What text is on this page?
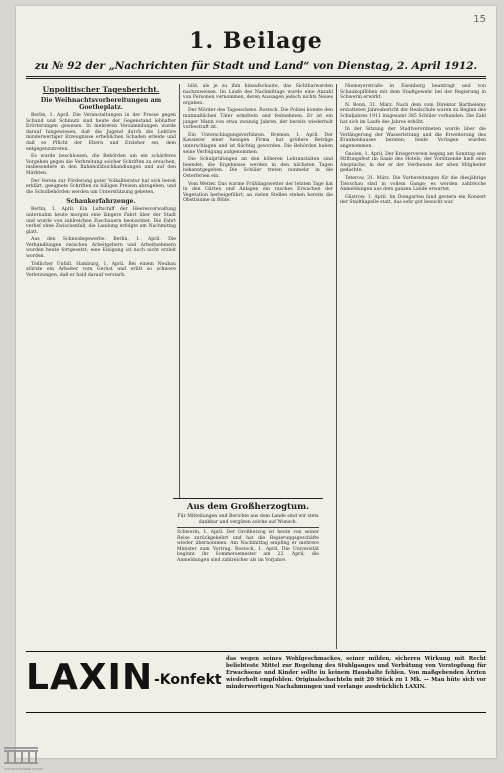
15
1. Beilage
zu № 92 der „Nachrichten für Stadt und Land“ von Dienstag, 2. April 1912.
Unpolitischer Tagesbericht.
Die Weihnachtsvorbereitungen am Goetheplatz.

Berlin, 1. April. Die Veranstaltungen in der Presse gegen Schund und Schmutz sind heute der Gegenstand lebhafter Erörterungen gewesen. In mehreren Versammlungen wurde darauf hingewiesen, daß die Jugend durch die Lektüre minderwertiger Erzeugnisse erheblichen Schaden erleide und daß es Pflicht der Eltern und Erzieher sei, dem entgegenzutreten.

Es wurde beschlossen, die Behörden um ein schärferes Vorgehen gegen die Verbreitung solcher Schriften zu ersuchen, insbesondere in den Bahnhofsbuchhandlungen und auf den Märkten.

Der Verein zur Förderung guter Volksliteratur hat sich bereit erklärt, geeignete Schriften zu billigen Preisen abzugeben, und die Schulbehörden werden um Unterstützung gebeten.

Schaukerfahrzeuge.

Berlin, 1. April. Ein Luftschiff der Heeresverwaltung unternahm heute morgen eine längere Fahrt über der Stadt und wurde von zahlreichen Zuschauern beobachtet. Die Fahrt verlief ohne Zwischenfall, die Landung erfolgte am Nachmittag glatt.

Aus den Schneidegewerbe. Berlin, 1. April. Die Verhandlungen zwischen Arbeitgebern und Arbeitnehmern wurden heute fortgesetzt; eine Einigung ist noch nicht erzielt worden.

Tödlicher Unfall. Hamburg, 1. April. Bei einem Neubau stürzte ein Arbeiter vom Gerüst und erlitt so schwere Verletzungen, daß er bald darauf verstarb.

bild, als je zu ihm hinaufschaute, das Sichtbarwerden nachzuweisen. Im Laufe des Nachmittags wurde eine Anzahl von Personen vernommen, deren Aussagen jedoch nichts Neues ergaben.

Der Mörder des Tagesschens. Rostock. Die Polizei konnte den mutmaßlichen Täter ermitteln und festnehmen. Er ist ein junger Mann von etwa zwanzig Jahren, der bereits wiederholt vorbestraft ist.

Ein Unterschlagungsverfahren. Bremen, 1. April. Der Kassierer einer hiesigen Firma hat größere Beträge unterschlagen und ist flüchtig geworden. Die Behörden haben seine Verfolgung aufgenommen.

Die Schulprüfungen an den höheren Lehranstalten sind beendet; die Ergebnisse werden in den nächsten Tagen bekanntgegeben. Die Schüler treten nunmehr in die Osterferien ein.

Vom Wetter. Das warme Frühlingswetter der letzten Tage hat in den Gärten und Anlagen ein rasches Erwachen der Vegetation herbeigeführt; an vielen Stellen stehen bereits die Obstbäume in Blüte.

Niemeyerstraße in Eisenburg beantragt und von Schaukopflöhen mit dem Stadtgewehr bei der Regierung in Schwerin erwirkt.

N. Bonn, 31. März. Nach dem vom Direktor Barthelemy erstatteten Jahresbericht der Realschule waren zu Beginn des Schuljahres 1911 insgesamt 385 Schüler vorhanden. Die Zahl hat sich im Laufe des Jahres erhöht.

In der Sitzung der Stadtverordneten wurde über die Verlängerung der Wasserleitung und die Erweiterung des Krankenhauses beraten; beide Vorlagen wurden angenommen.

Gnoien, 1. April. Der Kriegerverein beging am Sonntag sein Stiftungsfest im Saale des Hotels; der Vorsitzende hielt eine Ansprache, in der er der Verdienste der alten Mitglieder gedachte.

Teterow, 31. März. Die Vorbereitungen für die diesjährige Tierschau sind in vollem Gange; es werden zahlreiche Anmeldungen aus dem ganzen Lande erwartet.

Güstrow, 1. April. Im Domgarten fand gestern ein Konzert der Stadtkapelle statt, das sehr gut besucht war.

Aus dem Großherzogtum.
Für Mitteilungen und Berichte aus dem Lande sind wir stets dankbar und vergüten solche auf Wunsch.
Schwerin, 1. April. Der Großherzog ist heute von seiner Reise zurückgekehrt und hat die Regierungsgeschäfte wieder übernommen. Am Nachmittag empfing er mehrere Minister zum Vortrag. Rostock, 1. April. Die Universität beginnt ihr Sommersemester am 22. April; die Anmeldungen sind zahlreicher als im Vorjahre.
LAXIN -Konfekt
das wegen seines Wohlgeschmackes, seiner milden, sicheren Wirkung mit Recht beliebteste Mittel zur Regelung des Stuhlganges und Verhütung von Verstopfung für Erwachsene und Kinder sollte in keinem Haushalte fehlen. Von maßgebenden Ärzten wiederholt empfohlen. Originalschachteln mit 20 Stück zu 1 Mk. — Man hüte sich vor minderwertigen Nachahmungen und verlange ausdrücklich LAXIN.
UNIVERSITÄTSBIBLIOTHEK
